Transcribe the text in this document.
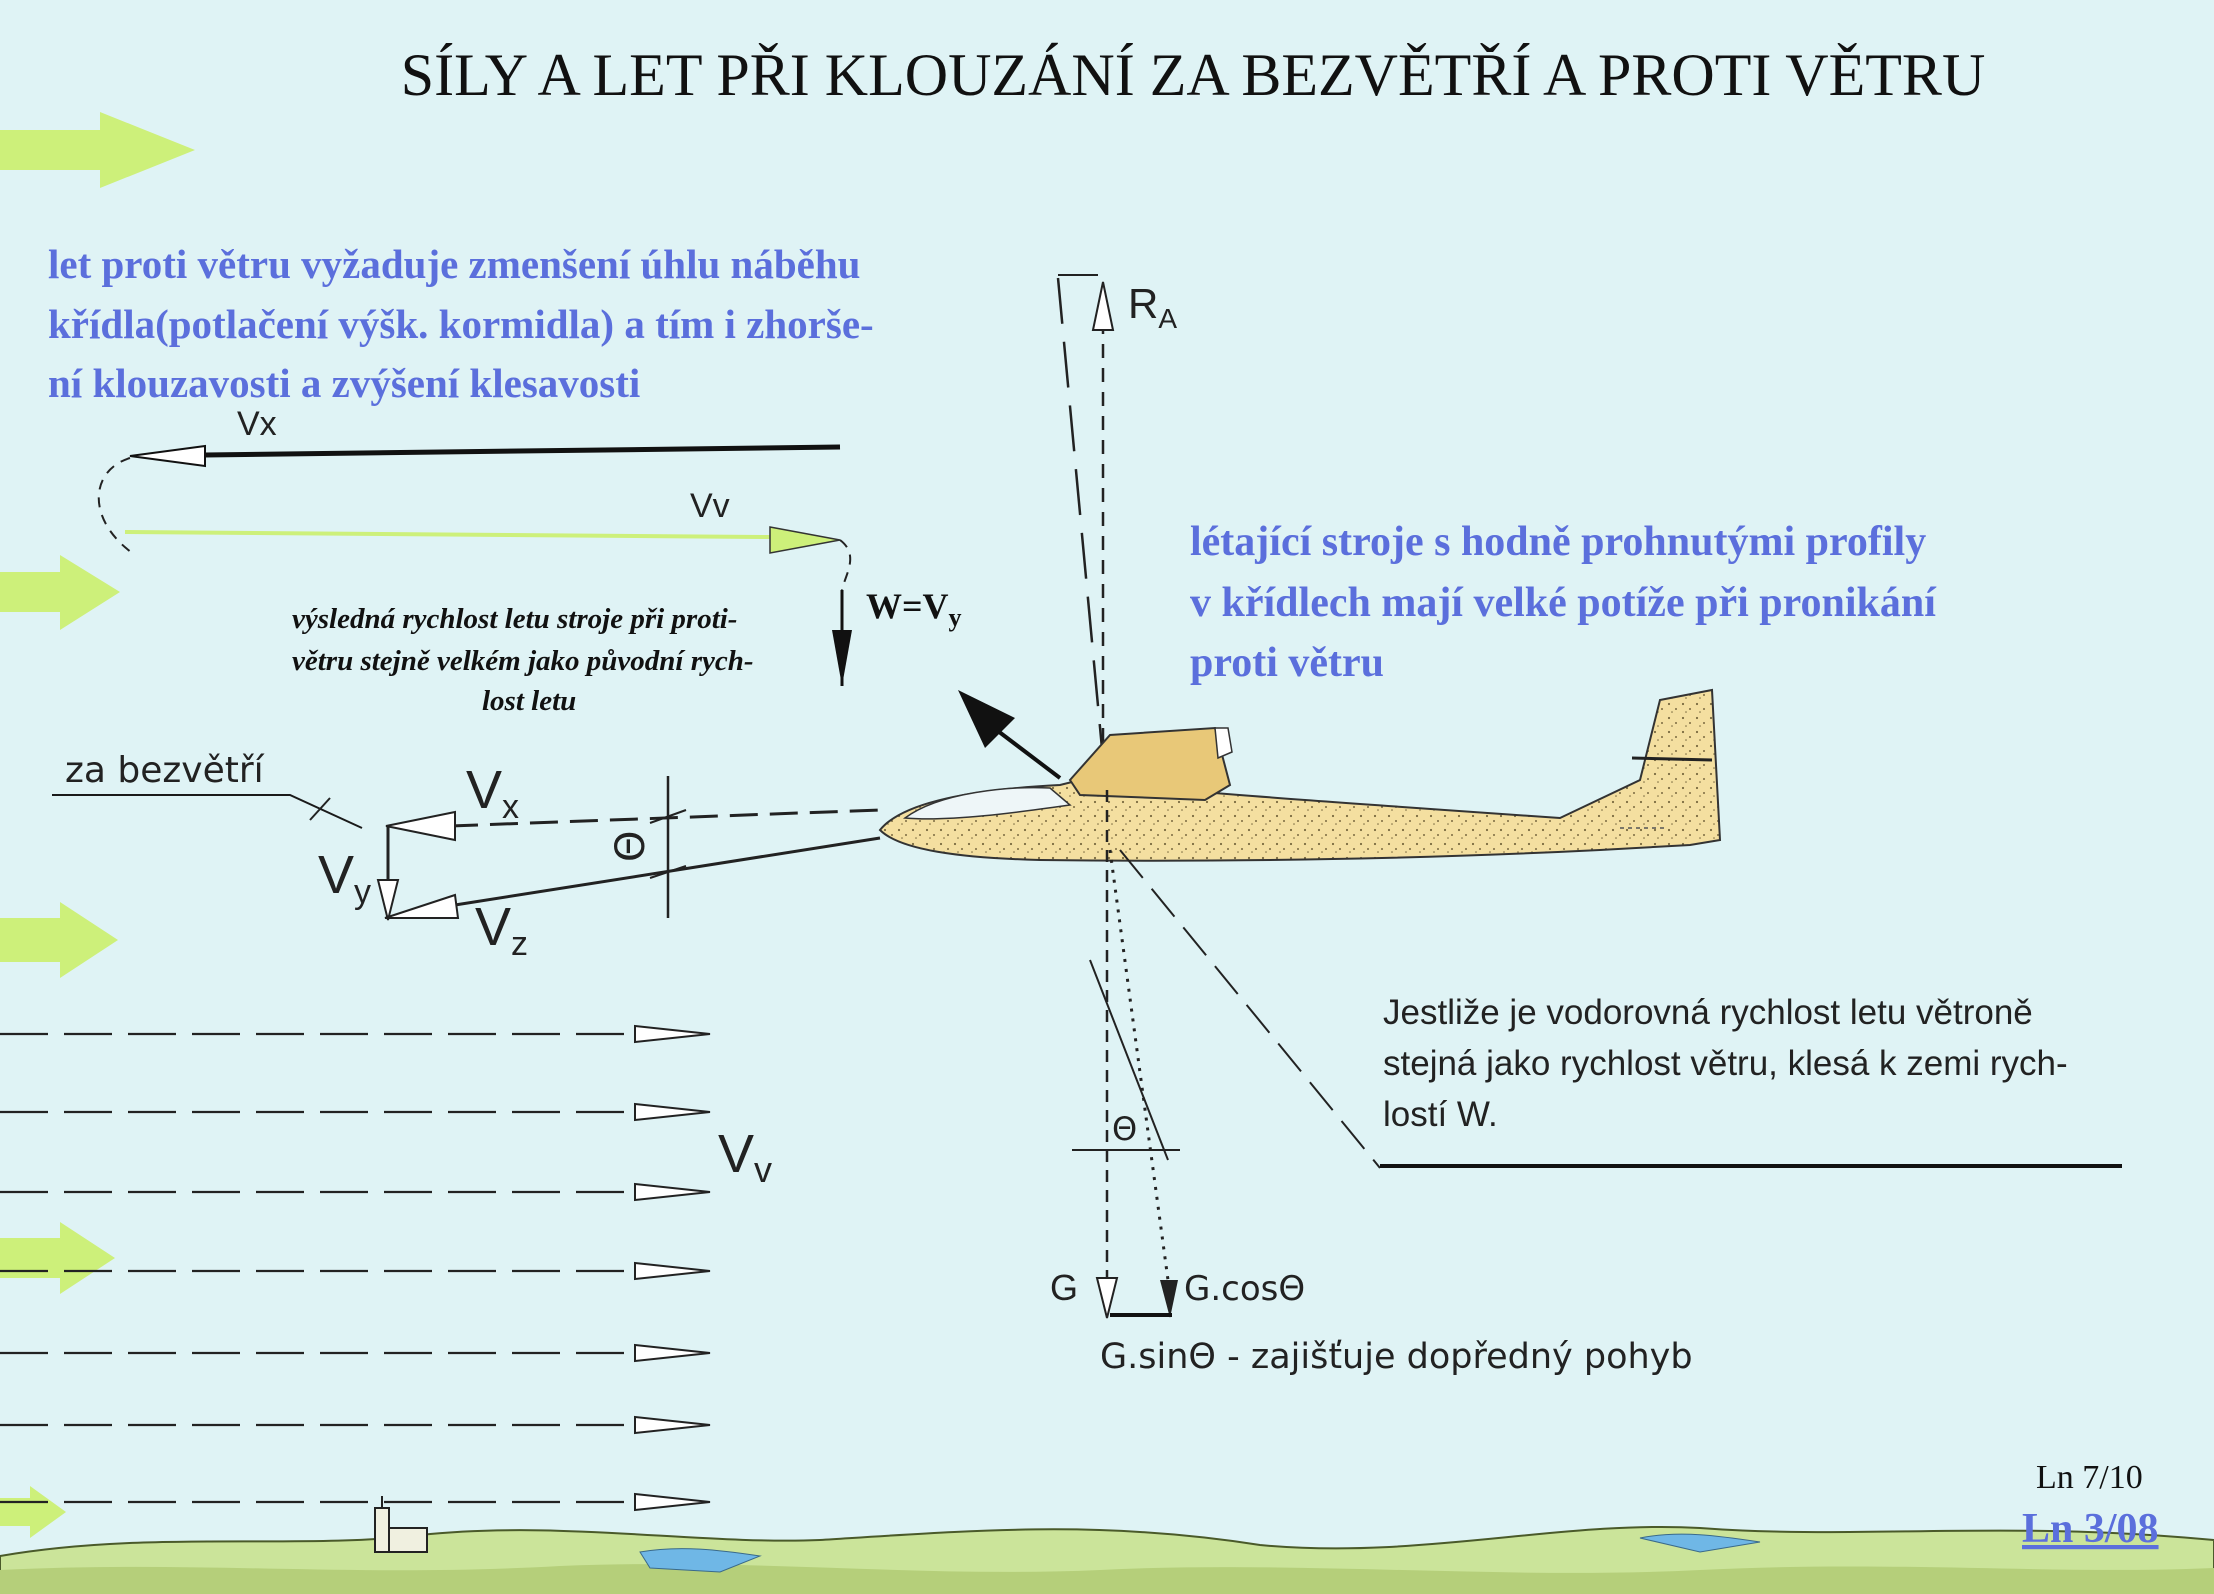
SÍLY A LET PŘI KLOUZÁNÍ ZA BEZVĚTŘÍ A PROTI VĚTRU
Vv
let proti větru vyžaduje zmenšení úhlu náběhu
křídla(potlačení výšk. kormidla) a tím i zhorše-
ní klouzavosti a zvýšení klesavosti
Vx
Vv
$W=V_y$
výsledná rychlost letu stroje při proti-
větru stejně velkém jako původní rych-
lost letu
létající stroje s hodně prohnutými profily
v křídlech mají velké potíže při pronikání
proti větru
za bezvětří	Vx
Vy
Vz
Θ
$R_A$
Θ
G	G.cosΘ
G.sinΘ - zajišťuje dopředný pohyb
Jestliže je vodorovná rychlost letu větroně
stejná jako rychlost větru, klesá k zemi rych-
lostí W.
Ln 7/10
Ln 3/08
